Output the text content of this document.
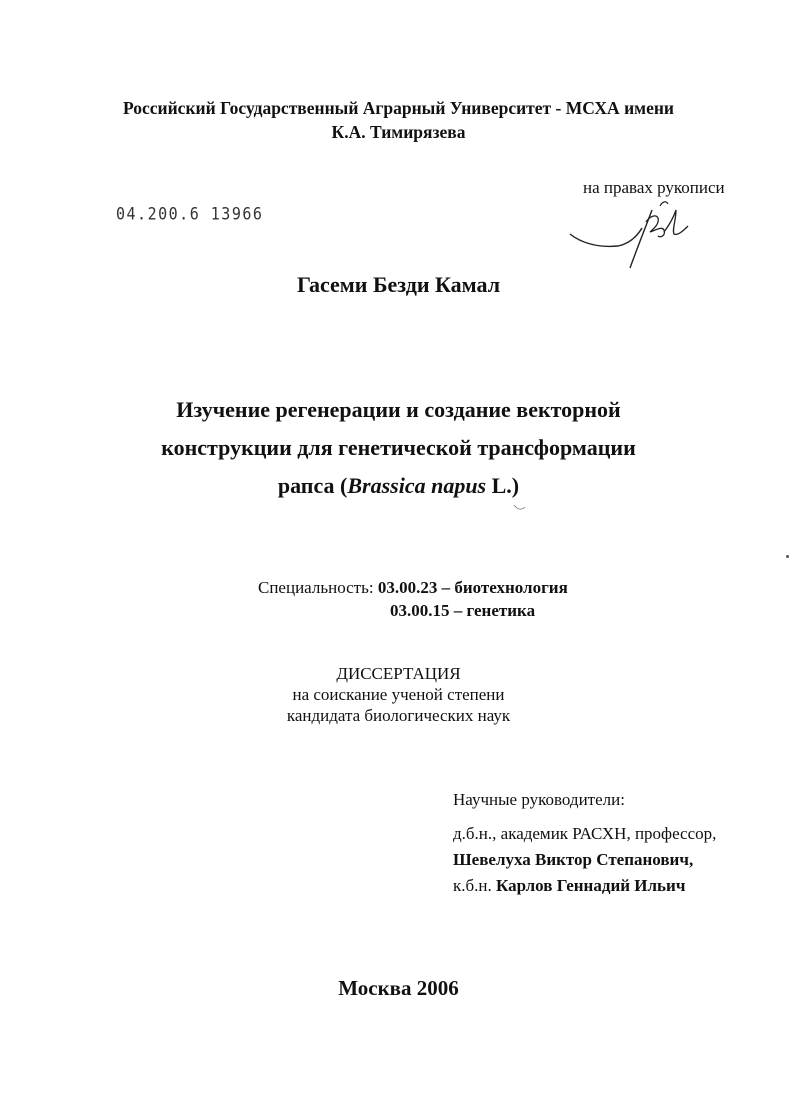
Российский Государственный Аграрный Университет - МСХА имени
К.А. Тимирязева
на правах рукописи
04.200.6 13966
Гасеми Безди Камал
Изучение регенерации и создание векторной
конструкции для генетической трансформации
рапса (Brassica napus L.)
Специальность: 03.00.23 – биотехнология
03.00.15 – генетика
ДИССЕРТАЦИЯ
на соискание ученой степени
кандидата биологических наук
Научные руководители:
д.б.н., академик РАСХН, профессор,
Шевелуха Виктор Степанович,
к.б.н. Карлов Геннадий Ильич
Москва 2006
